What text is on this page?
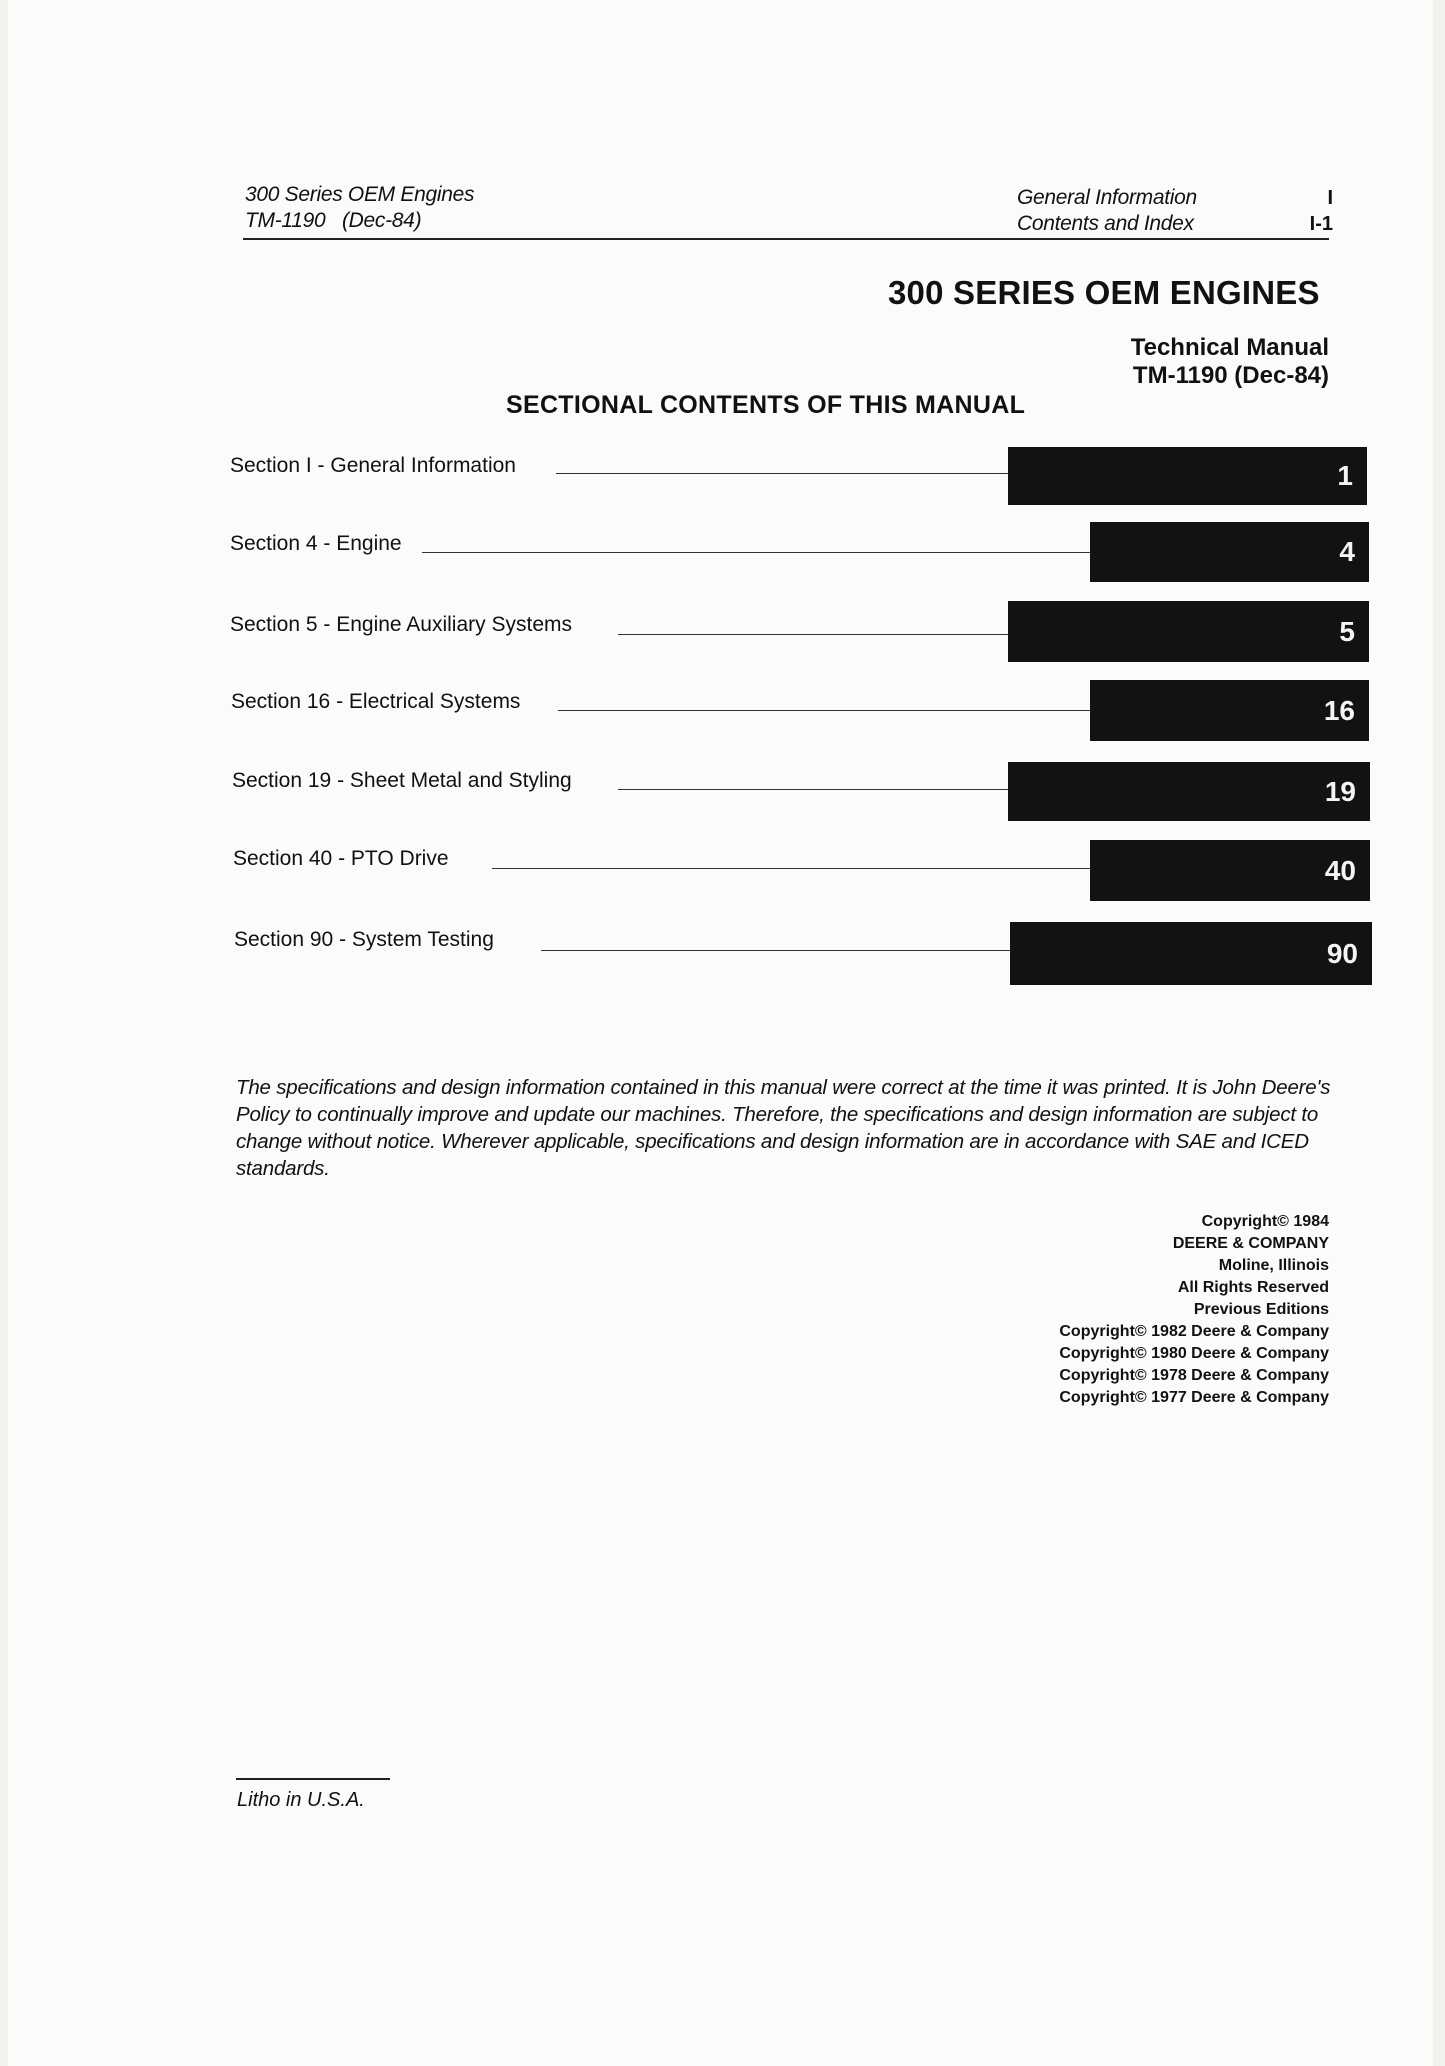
300 Series OEM Engines
TM-1190   (Dec-84)
General Information
Contents and Index
I
I-1
300 SERIES OEM ENGINES
Technical Manual
TM-1190 (Dec-84)
SECTIONAL CONTENTS OF THIS MANUAL
Section I - General Information	1
Section 4 - Engine	4
Section 5 - Engine Auxiliary Systems	5
Section 16 - Electrical Systems	16
Section 19 - Sheet Metal and Styling	19
Section 40 - PTO Drive	40
Section 90 - System Testing	90

The specifications and design information contained in this manual were correct at the time it was printed. It is John Deere's Policy to continually improve and update our machines. Therefore, the specifications and design information are subject to change without notice. Wherever applicable, specifications and design information are in accordance with SAE and ICED standards.

Copyright© 1984
DEERE & COMPANY
Moline, Illinois
All Rights Reserved
Previous Editions
Copyright© 1982 Deere & Company
Copyright© 1980 Deere & Company
Copyright© 1978 Deere & Company
Copyright© 1977 Deere & Company
Litho in U.S.A.
